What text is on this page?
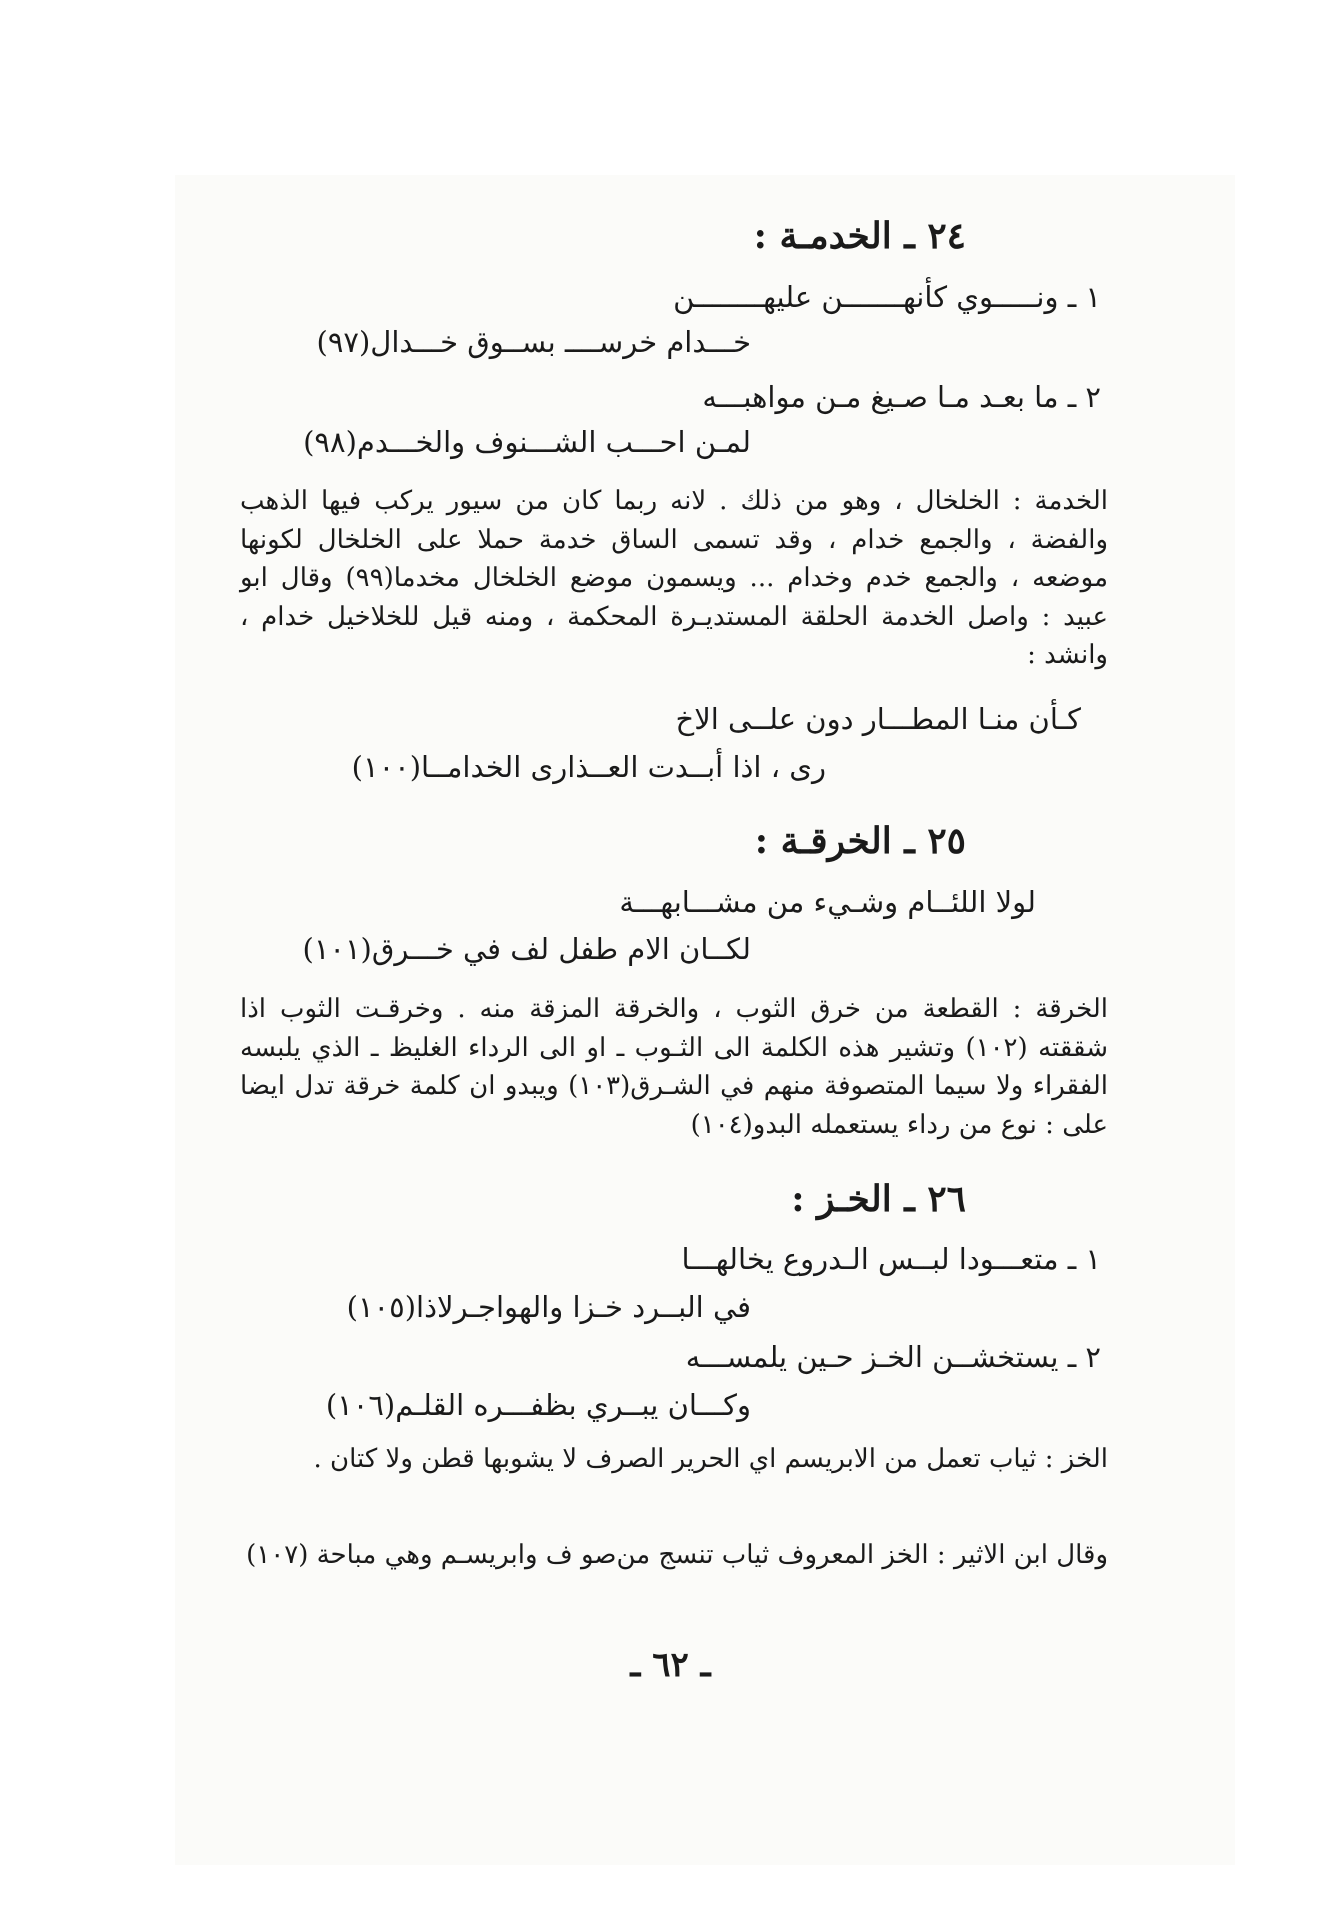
٢٤ ـ الخدمـة :
١ ـ ونـــــوي كأنهـــــــن عليهــــــــن
خـــدام خرســــ بســوق خـــدال(٩٧)
٢ ـ ما بعـد مـا صـيغ مـن مواهبـــه
لمـن احـــب الشـــنوف والخـــدم(٩٨)

الخدمة : الخلخال ، وهو من ذلك . لانه ربما كان من سيور يركب فيها الذهب والفضة ، والجمع خدام ، وقد تسمى الساق خدمة حملا على الخلخال لكونها موضعه ، والجمع خدم وخدام ... ويسمون موضع الخلخال مخدما(٩٩) وقال ابو عبيد : واصل الخدمة الحلقة المستديـرة المحكمة ، ومنه قيل للخلاخيل خدام ، وانشد :

كـأن منـا المطـــار دون علــى الاخ
رى ، اذا أبــدت العــذارى الخدامــا(١٠٠)
٢٥ ـ الخرقـة :
لولا اللئــام وشـيء من مشـــابهـــة
لكــان الام طفل لف في خـــرق(١٠١)

الخرقة : القطعة من خرق الثوب ، والخرقة المزقة منه . وخرقـت الثوب اذا شققته (١٠٢) وتشير هذه الكلمة الى الثـوب ـ او الى الرداء الغليظ ـ الذي يلبسه الفقراء ولا سيما المتصوفة منهم في الشـرق(١٠٣) ويبدو ان كلمة خرقة تدل ايضا على : نوع من رداء يستعمله البدو(١٠٤)

٢٦ ـ الخـز :
١ ـ متعـــودا لبــس الـدروع يخالهـــا
في البــرد خـزا والهواجـرلاذا(١٠٥)
٢ ـ يستخشــن الخـز حـين يلمســـه
وكـــان يبــري بظفـــره القلـم(١٠٦)

الخز : ثياب تعمل من الابريسم اي الحرير الصرف لا يشوبها قطن ولا كتان .

وقال ابن الاثير : الخز المعروف ثياب تنسج من‌صو ف وابريسـم وهي مباحة (١٠٧)

ـ ٦٢ ـ
